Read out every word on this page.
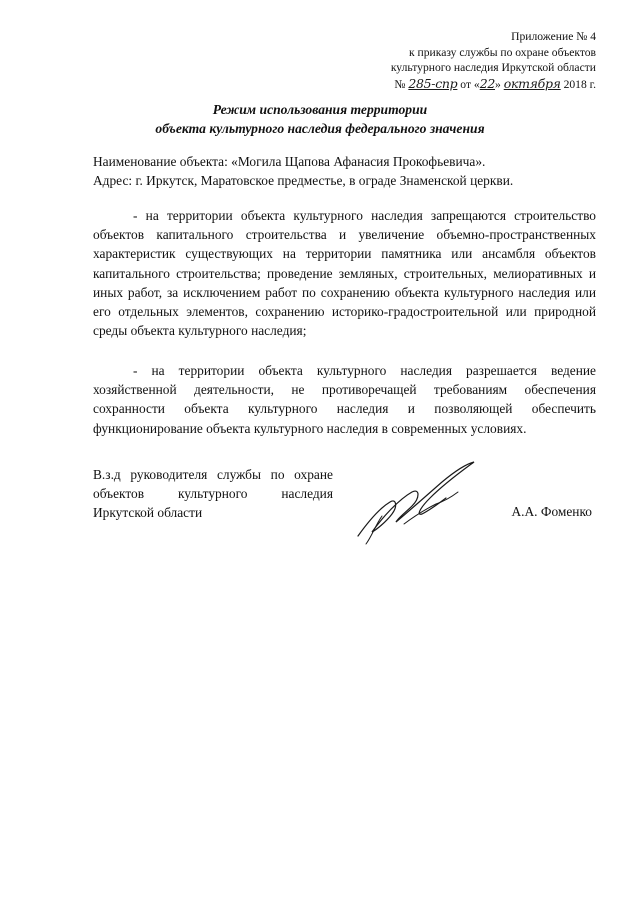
Приложение № 4
к приказу службы по охране объектов
культурного наследия Иркутской области
№ 285-спр от «22» октября 2018 г.
Режим использования территории
объекта культурного наследия федерального значения
Наименование объекта: «Могила Щапова Афанасия Прокофьевича».
Адрес: г. Иркутск, Маратовское предместье, в ограде Знаменской церкви.
- на территории объекта культурного наследия запрещаются строительство объектов капитального строительства и увеличение объемно-пространственных характеристик существующих на территории памятника или ансамбля объектов капитального строительства; проведение земляных, строительных, мелиоративных и иных работ, за исключением работ по сохранению объекта культурного наследия или его отдельных элементов, сохранению историко-градостроительной или природной среды объекта культурного наследия;
- на территории объекта культурного наследия разрешается ведение хозяйственной деятельности, не противоречащей требованиям обеспечения сохранности объекта культурного наследия и позволяющей обеспечить функционирование объекта культурного наследия в современных условиях.
В.з.д руководителя службы по охране объектов культурного наследия Иркутской области	А.А. Фоменко
